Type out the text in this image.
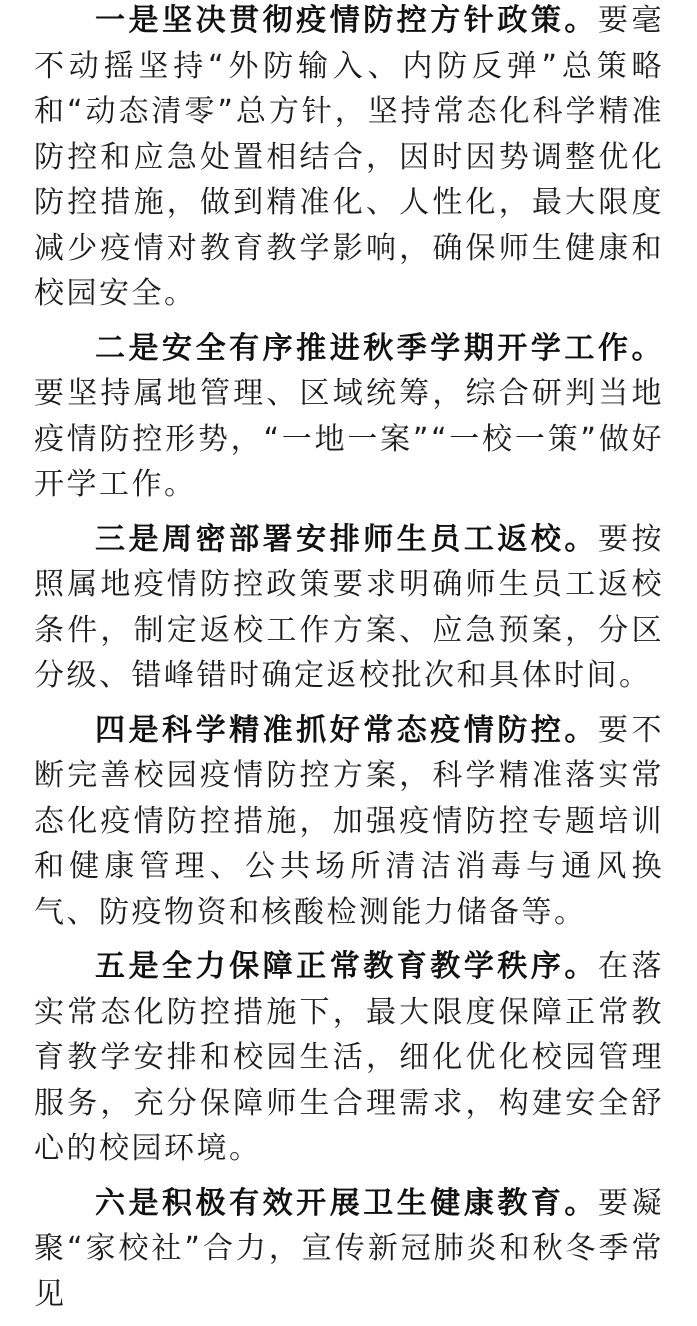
一是坚决贯彻疫情防控方针政策。要毫不动摇坚持“外防输入、内防反弹”总策略和“动态清零”总方针，坚持常态化科学精准防控和应急处置相结合，因时因势调整优化防控措施，做到精准化、人性化，最大限度减少疫情对教育教学影响，确保师生健康和校园安全。

二是安全有序推进秋季学期开学工作。要坚持属地管理、区域统筹，综合研判当地疫情防控形势，“一地一案”“一校一策”做好开学工作。

三是周密部署安排师生员工返校。要按照属地疫情防控政策要求明确师生员工返校条件，制定返校工作方案、应急预案，分区分级、错峰错时确定返校批次和具体时间。

四是科学精准抓好常态疫情防控。要不断完善校园疫情防控方案，科学精准落实常态化疫情防控措施，加强疫情防控专题培训和健康管理、公共场所清洁消毒与通风换气、防疫物资和核酸检测能力储备等。

五是全力保障正常教育教学秩序。在落实常态化防控措施下，最大限度保障正常教育教学安排和校园生活，细化优化校园管理服务，充分保障师生合理需求，构建安全舒心的校园环境。

六是积极有效开展卫生健康教育。要凝聚“家校社”合力，宣传新冠肺炎和秋冬季常见
